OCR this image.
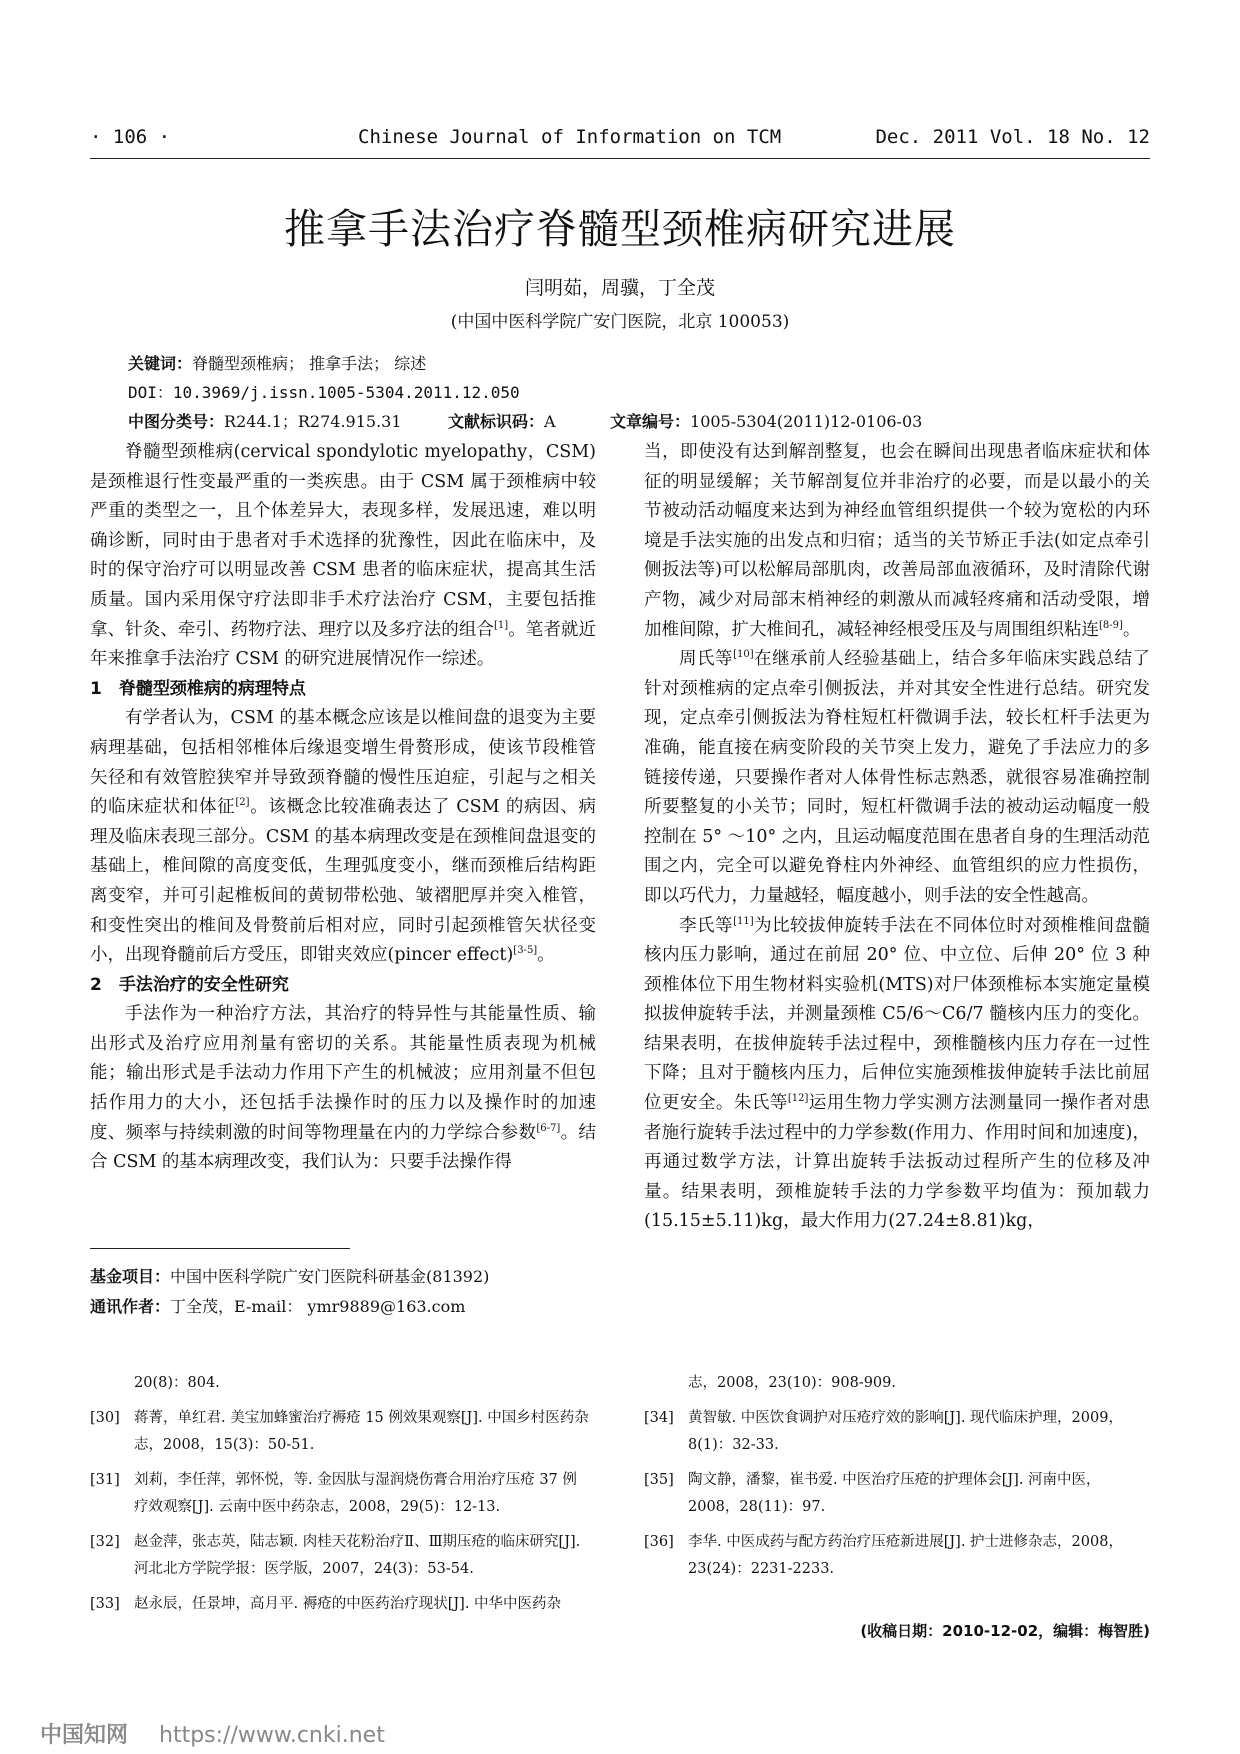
· 106 ·	Chinese Journal of Information on TCM	Dec. 2011 Vol. 18 No. 12
推拿手法治疗脊髓型颈椎病研究进展
闫明茹，周骥，丁全茂
(中国中医科学院广安门医院，北京 100053)
关键词：脊髓型颈椎病； 推拿手法； 综述
DOI：10.3969/j.issn.1005-5304.2011.12.050
中图分类号：R244.1；R274.915.31	文献标识码：A	文章编号：1005-5304(2011)12-0106-03

脊髓型颈椎病(cervical spondylotic myelopathy，CSM)是颈椎退行性变最严重的一类疾患。由于 CSM 属于颈椎病中较严重的类型之一，且个体差异大，表现多样，发展迅速，难以明确诊断，同时由于患者对手术选择的犹豫性，因此在临床中，及时的保守治疗可以明显改善 CSM 患者的临床症状，提高其生活质量。国内采用保守疗法即非手术疗法治疗 CSM，主要包括推拿、针灸、牵引、药物疗法、理疗以及多疗法的组合[1]。笔者就近年来推拿手法治疗 CSM 的研究进展情况作一综述。

1　脊髓型颈椎病的病理特点

有学者认为，CSM 的基本概念应该是以椎间盘的退变为主要病理基础，包括相邻椎体后缘退变增生骨赘形成，使该节段椎管矢径和有效管腔狭窄并导致颈脊髓的慢性压迫症，引起与之相关的临床症状和体征[2]。该概念比较准确表达了 CSM 的病因、病理及临床表现三部分。CSM 的基本病理改变是在颈椎间盘退变的基础上，椎间隙的高度变低，生理弧度变小，继而颈椎后结构距离变窄，并可引起椎板间的黄韧带松弛、皱褶肥厚并突入椎管，和变性突出的椎间及骨赘前后相对应，同时引起颈椎管矢状径变小，出现脊髓前后方受压，即钳夹效应(pincer effect)[3-5]。

2　手法治疗的安全性研究

手法作为一种治疗方法，其治疗的特异性与其能量性质、输出形式及治疗应用剂量有密切的关系。其能量性质表现为机械能；输出形式是手法动力作用下产生的机械波；应用剂量不但包括作用力的大小，还包括手法操作时的压力以及操作时的加速度、频率与持续刺激的时间等物理量在内的力学综合参数[6-7]。结合 CSM 的基本病理改变，我们认为：只要手法操作得

当，即使没有达到解剖整复，也会在瞬间出现患者临床症状和体征的明显缓解；关节解剖复位并非治疗的必要，而是以最小的关节被动活动幅度来达到为神经血管组织提供一个较为宽松的内环境是手法实施的出发点和归宿；适当的关节矫正手法(如定点牵引侧扳法等)可以松解局部肌肉，改善局部血液循环，及时清除代谢产物，减少对局部末梢神经的刺激从而减轻疼痛和活动受限，增加椎间隙，扩大椎间孔，减轻神经根受压及与周围组织粘连[8-9]。

周氏等[10]在继承前人经验基础上，结合多年临床实践总结了针对颈椎病的定点牵引侧扳法，并对其安全性进行总结。研究发现，定点牵引侧扳法为脊柱短杠杆微调手法，较长杠杆手法更为准确，能直接在病变阶段的关节突上发力，避免了手法应力的多链接传递，只要操作者对人体骨性标志熟悉，就很容易准确控制所要整复的小关节；同时，短杠杆微调手法的被动运动幅度一般控制在 5° ～10° 之内，且运动幅度范围在患者自身的生理活动范围之内，完全可以避免脊柱内外神经、血管组织的应力性损伤，即以巧代力，力量越轻，幅度越小，则手法的安全性越高。

李氏等[11]为比较拔伸旋转手法在不同体位时对颈椎椎间盘髓核内压力影响，通过在前屈 20° 位、中立位、后伸 20° 位 3 种颈椎体位下用生物材料实验机(MTS)对尸体颈椎标本实施定量模拟拔伸旋转手法，并测量颈椎 C5/6～C6/7 髓核内压力的变化。结果表明，在拔伸旋转手法过程中，颈椎髓核内压力存在一过性下降；且对于髓核内压力，后伸位实施颈椎拔伸旋转手法比前屈位更安全。朱氏等[12]运用生物力学实测方法测量同一操作者对患者施行旋转手法过程中的力学参数(作用力、作用时间和加速度)，再通过数学方法，计算出旋转手法扳动过程所产生的位移及冲量。结果表明，颈椎旋转手法的力学参数平均值为：预加载力(15.15±5.11)kg，最大作用力(27.24±8.81)kg，

基金项目：中国中医科学院广安门医院科研基金(81392)
通讯作者：丁全茂，E-mail： ymr9889@163.com
20(8)：804.
[30] 蒋菁，单红君. 美宝加蜂蜜治疗褥疮 15 例效果观察[J]. 中国乡村医药杂志，2008，15(3)：50-51.
[31] 刘莉，李任萍，郭怀悦，等. 金因肽与湿润烧伤膏合用治疗压疮 37 例疗效观察[J]. 云南中医中药杂志，2008，29(5)：12-13.
[32] 赵金萍，张志英，陆志颖. 肉桂天花粉治疗Ⅱ、Ⅲ期压疮的临床研究[J]. 河北北方学院学报：医学版，2007，24(3)：53-54.
[33] 赵永辰，任景坤，高月平. 褥疮的中医药治疗现状[J]. 中华中医药杂
志，2008，23(10)：908-909.
[34] 黄智敏. 中医饮食调护对压疮疗效的影响[J]. 现代临床护理，2009，8(1)：32-33.
[35] 陶文静，潘黎，崔书爱. 中医治疗压疮的护理体会[J]. 河南中医，2008，28(11)：97.
[36] 李华. 中医成药与配方药治疗压疮新进展[J]. 护士进修杂志，2008，23(24)：2231-2233.
(收稿日期：2010-12-02，编辑：梅智胜)
中国知网 https://www.cnki.net
